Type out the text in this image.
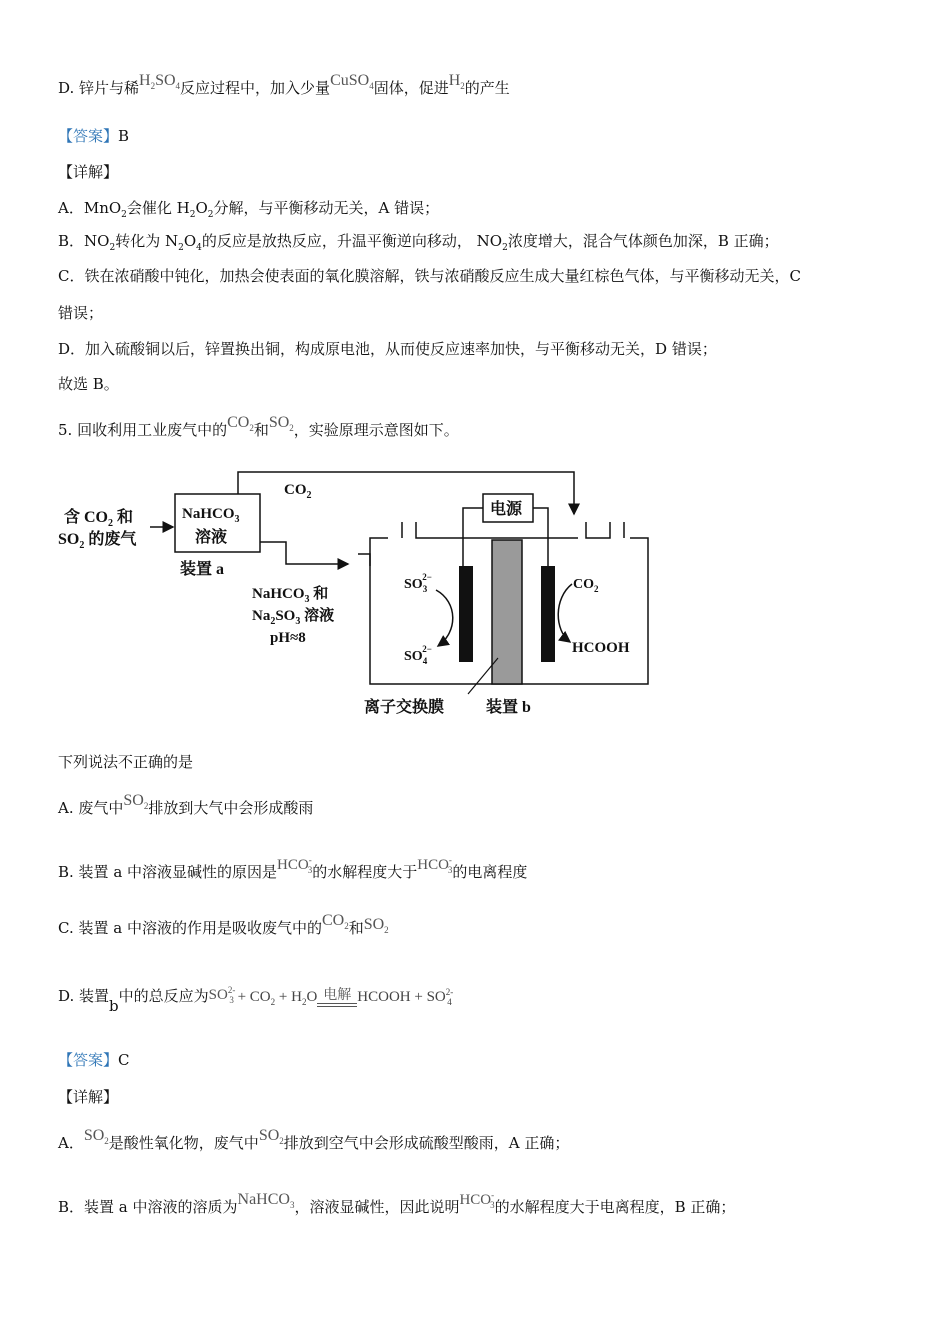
D. 锌片与稀$H_2SO_4$反应过程中，加入少量CuSO$_4$固体，促进$H_2$的产生
【答案】B
【详解】
A．MnO$_2$会催化 $H_2O_2$分解，与平衡移动无关，A 错误；
B．$NO_2$转化为 $N_2O_4$的反应是放热反应，升温平衡逆向移动， $NO_2$浓度增大，混合气体颜色加深，B 正确；
C．铁在浓硝酸中钝化，加热会使表面的氧化膜溶解，铁与浓硝酸反应生成大量红棕色气体，与平衡移动无关，C
错误；
D．加入硫酸铜以后，锌置换出铜，构成原电池，从而使反应速率加快，与平衡移动无关，D 错误；
故选 B。
5. 回收利用工业废气中的$CO_2$和$SO_2$，实验原理示意图如下。
含 $CO_2$ 和
$SO_2$ 的废气
NaHCO$_3$
溶液
装置 a
$CO_2$
电源
NaHCO$_3$ 和
$Na_2SO_3$ 溶液
pH≈8
$SO_32-$
$SO_42-$
$CO_2$
HCOOH
离子交换膜	装置 b
下列说法不正确的是
A. 废气中$SO_2$排放到大气中会形成酸雨
B. 装置 a 中溶液显碱性的原因是$HCO^-_3$的水解程度大于$HCO^-_3$的电离程度
C. 装置 a 中溶液的作用是吸收废气中的$CO_2$和$SO_2$
D. 装置b中的总反应为$SO^{2-}_3 + CO_2 + H_2O$ 电解 HCOOH + $SO^{2-}_4$
【答案】C
【详解】
A．$SO_2$是酸性氧化物，废气中$SO_2$排放到空气中会形成硫酸型酸雨，A 正确；
B．装置 a 中溶液的溶质为NaHCO$_3$，溶液显碱性，因此说明$HCO^-_3$的水解程度大于电离程度，B 正确；
